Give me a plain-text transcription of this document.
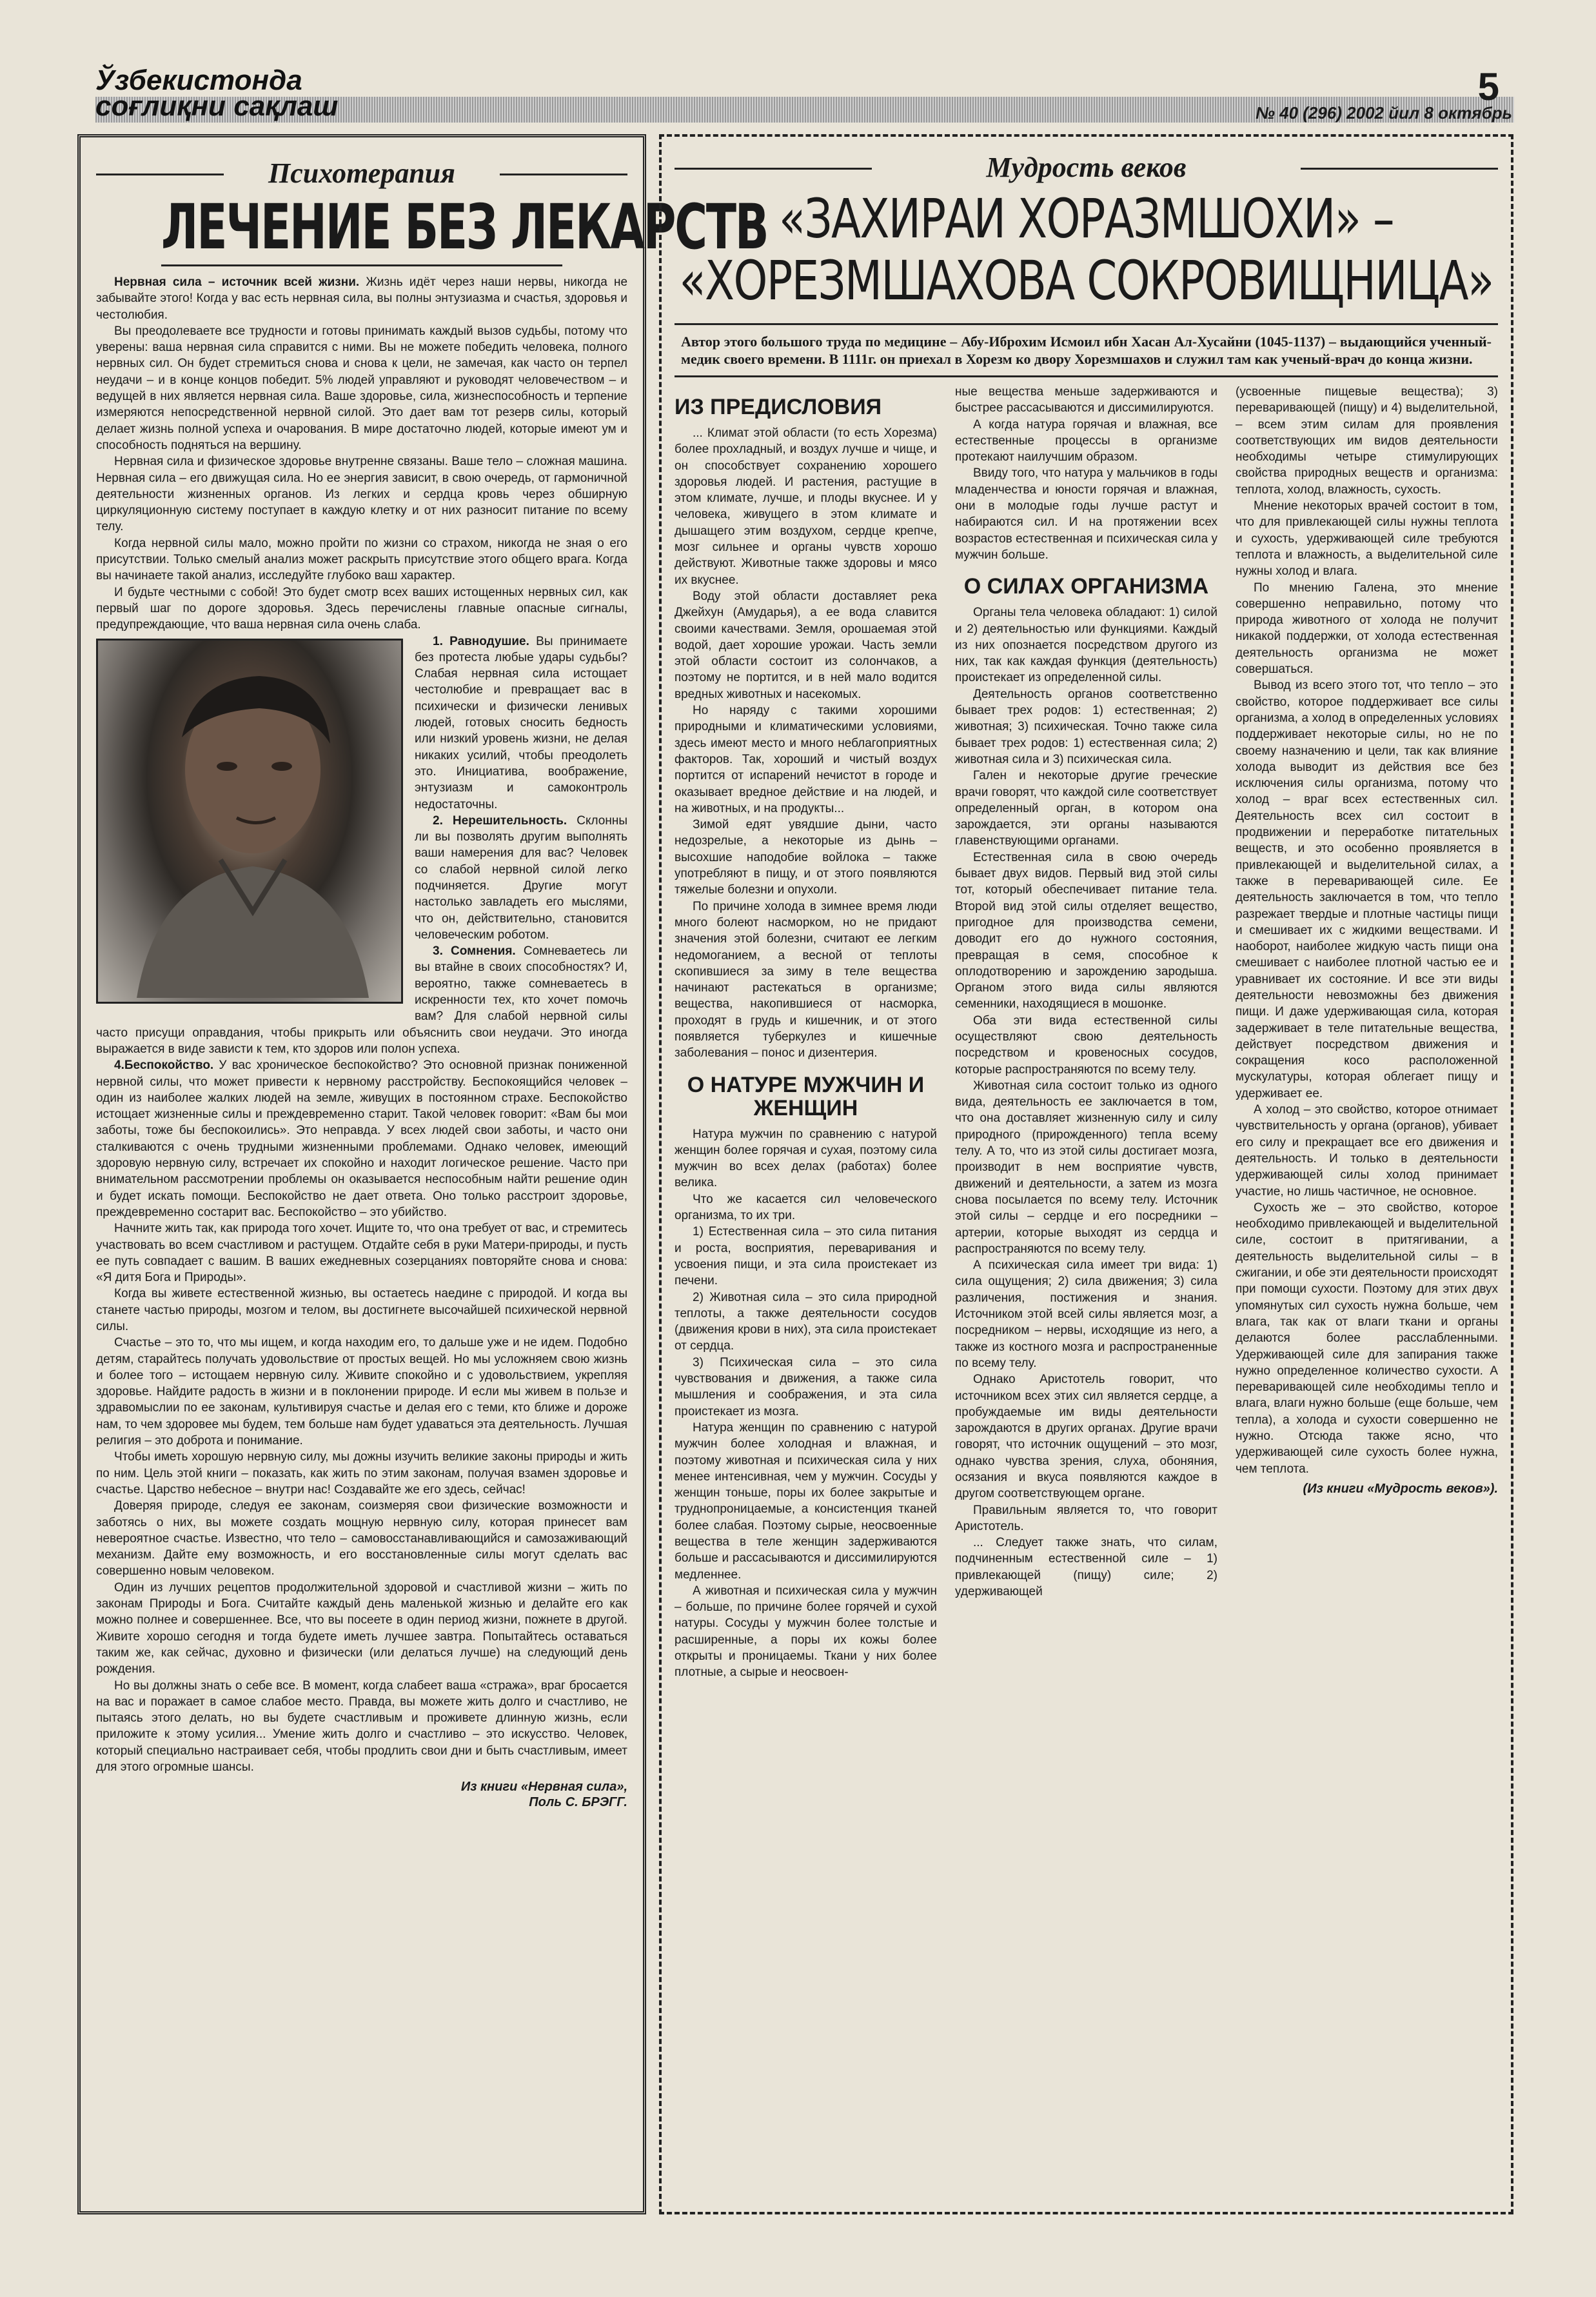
Ўзбекистонда
соғлиқни сақлаш	5
№ 40 (296) 2002 йил 8 октябрь
Психотерапия
ЛЕЧЕНИЕ БЕЗ ЛЕКАРСТВ

Нервная сила – источник всей жизни. Жизнь идёт через наши нервы, никогда не забывайте этого! Когда у вас есть нервная сила, вы полны энтузиазма и счастья, здоровья и честолюбия.

Вы преодолеваете все трудности и готовы принимать каждый вызов судьбы, потому что уверены: ваша нервная сила справится с ними. Вы не можете победить человека, полного нервных сил. Он будет стремиться снова и снова к цели, не замечая, как часто он терпел неудачи – и в конце концов победит. 5% людей управляют и руководят человечеством – и ведущей в них является нервная сила. Ваше здоровье, сила, жизнеспособность и терпение измеряются непосредственной нервной силой. Это дает вам тот резерв силы, который делает жизнь полной успеха и очарования. В мире достаточно людей, которые имеют ум и способность подняться на вершину.

Нервная сила и физическое здоровье внутренне связаны. Ваше тело – сложная машина. Нервная сила – его движущая сила. Но ее энергия зависит, в свою очередь, от гармоничной деятельности жизненных органов. Из легких и сердца кровь через обширную циркуляционную систему поступает в каждую клетку и от них разносит питание по всему телу.

Когда нервной силы мало, можно пройти по жизни со страхом, никогда не зная о его присутствии. Только смелый анализ может раскрыть присутствие этого общего врага. Когда вы начинаете такой анализ, исследуйте глубоко ваш характер.

И будьте честными с собой! Это будет смотр всех ваших истощенных нервных сил, как первый шаг по дороге здоровья. Здесь перечислены главные опасные сигналы, предупреждающие, что ваша нервная сила очень слаба.

1. Равнодушие. Вы принимаете без протеста любые удары судьбы? Слабая нервная сила истощает честолюбие и превращает вас в психически и физически ленивых людей, готовых сносить бедность или низкий уровень жизни, не делая никаких усилий, чтобы преодолеть это. Инициатива, воображение, энтузиазм и самоконтроль недостаточны.

2. Нерешительность. Склонны ли вы позволять другим выполнять ваши намерения для вас? Человек со слабой нервной силой легко подчиняется. Другие могут настолько завладеть его мыслями, что он, действительно, становится человеческим роботом.

3. Сомнения. Сомневаетесь ли вы втайне в своих способностях? И, вероятно, также сомневаетесь в искренности тех, кто хочет помочь вам? Для слабой нервной силы часто присущи оправдания, чтобы прикрыть или объяснить свои неудачи. Это иногда выражается в виде зависти к тем, кто здоров или полон успеха.

4.Беспокойство. У вас хроническое беспокойство? Это основной признак пониженной нервной силы, что может привести к нервному расстройству. Беспокоящийся человек – один из наиболее жалких людей на земле, живущих в постоянном страхе. Беспокойство истощает жизненные силы и преждевременно старит. Такой человек говорит: «Вам бы мои заботы, тоже бы беспокоились». Это неправда. У всех людей свои заботы, и часто они сталкиваются с очень трудными жизненными проблемами. Однако человек, имеющий здоровую нервную силу, встречает их спокойно и находит логическое решение. Часто при внимательном рассмотрении проблемы он оказывается неспособным найти решение один и будет искать помощи. Беспокойство не дает ответа. Оно только расстроит здоровье, преждевременно состарит вас. Беспокойство – это убийство.

Начните жить так, как природа того хочет. Ищите то, что она требует от вас, и стремитесь участвовать во всем счастливом и растущем. Отдайте себя в руки Матери-природы, и пусть ее путь совпадает с вашим. В ваших ежедневных созерцаниях повторяйте снова и снова: «Я дитя Бога и Природы».

Когда вы живете естественной жизнью, вы остаетесь наедине с природой. И когда вы станете частью природы, мозгом и телом, вы достигнете высочайшей психической нервной силы.

Счастье – это то, что мы ищем, и когда находим его, то дальше уже и не идем. Подобно детям, старайтесь получать удовольствие от простых вещей. Но мы усложняем свою жизнь и более того – истощаем нервную силу. Живите спокойно и с удовольствием, укрепляя здоровье. Найдите радость в жизни и в поклонении природе. И если мы живем в пользе и здравомыслии по ее законам, культивируя счастье и делая его с теми, кто ближе и дороже нам, то чем здоровее мы будем, тем больше нам будет удаваться эта деятельность. Лучшая религия – это доброта и понимание.

Чтобы иметь хорошую нервную силу, мы дожны изучить великие законы природы и жить по ним. Цель этой книги – показать, как жить по этим законам, получая взамен здоровье и счастье. Царство небесное – внутри нас! Создавайте же его здесь, сейчас!

Доверяя природе, следуя ее законам, соизмеряя свои физические возможности и заботясь о них, вы можете создать мощную нервную силу, которая принесет вам невероятное счастье. Известно, что тело – самовосстанавливающийся и самозаживающий механизм. Дайте ему возможность, и его восстановленные силы могут сделать вас совершенно новым человеком.

Один из лучших рецептов продолжительной здоровой и счастливой жизни – жить по законам Природы и Бога. Считайте каждый день маленькой жизнью и делайте его как можно полнее и совершеннее. Все, что вы посеете в один период жизни, пожнете в другой. Живите хорошо сегодня и тогда будете иметь лучшее завтра. Попытайтесь оставаться таким же, как сейчас, духовно и физически (или делаться лучше) на следующий день рождения.

Но вы должны знать о себе все. В момент, когда слабеет ваша «стража», враг бросается на вас и поражает в самое слабое место. Правда, вы можете жить долго и счастливо, не пытаясь этого делать, но вы будете счастливым и проживете длинную жизнь, если приложите к этому усилия... Умение жить долго и счастливо – это искусство. Человек, который специально настраивает себя, чтобы продлить свои дни и быть счастливым, имеет для этого огромные шансы.

Из книги «Нервная сила»,
Поль С. БРЭГГ.
Мудрость веков
«ЗАХИРАИ ХОРАЗМШОХИ» –
«ХОРЕЗМШАХОВА СОКРОВИЩНИЦА»
Автор этого большого труда по медицине – Абу-Иброхим Исмоил ибн Хасан Ал-Хусайни (1045-1137) – выдающийся ученный-медик своего времени. В 1111г. он приехал в Хорезм ко двору Хорезмшахов и служил там как ученый-врач до конца жизни.
ИЗ ПРЕДИСЛОВИЯ

... Климат этой области (то есть Хорезма) более прохладный, и воздух лучше и чище, и он способствует сохранению хорошего здоровья людей. И растения, растущие в этом климате, лучше, и плоды вкуснее. И у человека, живущего в этом климате и дышащего этим воздухом, сердце крепче, мозг сильнее и органы чувств хорошо действуют. Животные также здоровы и мясо их вкуснее.

Воду этой области доставляет река Джейхун (Амударья), а ее вода славится своими качествами. Земля, орошаемая этой водой, дает хорошие урожаи. Часть земли этой области состоит из солончаков, а поэтому не портится, и в ней мало водится вредных животных и насекомых.

Но наряду с такими хорошими природными и климатическими условиями, здесь имеют место и много неблагоприятных факторов. Так, хороший и чистый воздух портится от испарений нечистот в городе и оказывает вредное действие и на людей, и на животных, и на продукты...

Зимой едят увядшие дыни, часто недозрелые, а некоторые из дынь – высохшие наподобие войлока – также употребляют в пищу, и от этого появляются тяжелые болезни и опухоли.

По причине холода в зимнее время люди много болеют насморком, но не придают значения этой болезни, считают ее легким недомоганием, а весной от теплоты скопившиеся за зиму в теле вещества начинают растекаться в организме; вещества, накопившиеся от насморка, проходят в грудь и кишечник, и от этого появляется туберкулез и кишечные заболевания – понос и дизентерия.

О НАТУРЕ МУЖЧИН И ЖЕНЩИН

Натура мужчин по сравнению с натурой женщин более горячая и сухая, поэтому сила мужчин во всех делах (работах) более велика.

Что же касается сил человеческого организма, то их три.

1) Естественная сила – это сила питания и роста, восприятия, переваривания и усвоения пищи, и эта сила проистекает из печени.

2) Животная сила – это сила природной теплоты, а также деятельности сосудов (движения крови в них), эта сила проистекает от сердца.

3) Психическая сила – это сила чувствования и движения, а также сила мышления и соображения, и эта сила проистекает из мозга.

Натура женщин по сравнению с натурой мужчин более холодная и влажная, и поэтому животная и психическая сила у них менее интенсивная, чем у мужчин. Сосуды у женщин тоньше, поры их более закрытые и труднопроницаемые, а консистенция тканей более слабая. Поэтому сырые, неосвоенные вещества в теле женщин задерживаются больше и рассасываются и диссимилируются медленнее.

А животная и психическая сила у мужчин – больше, по причине более горячей и сухой натуры. Сосуды у мужчин более толстые и расширенные, а поры их кожы более открыты и проницаемы. Ткани у них более плотные, а сырые и неосвоен-

ные вещества меньше задерживаются и быстрее рассасываются и диссимилируются.

А когда натура горячая и влажная, все естественные процессы в организме протекают наилучшим образом.

Ввиду того, что натура у мальчиков в годы младенчества и юности горячая и влажная, они в молодые годы лучше растут и набираются сил. И на протяжении всех возрастов естественная и психическая сила у мужчин больше.

О СИЛАХ ОРГАНИЗМА

Органы тела человека обладают: 1) силой и 2) деятельностью или функциями. Каждый из них опознается посредством другого из них, так как каждая функция (деятельность) проистекает из определенной силы.

Деятельность органов соответственно бывает трех родов: 1) естественная; 2) животная; 3) психическая. Точно также сила бывает трех родов: 1) естественная сила; 2) животная сила и 3) психическая сила.

Гален и некоторые другие греческие врачи говорят, что каждой силе соответствует определенный орган, в котором она зарождается, эти органы называются главенствующими органами.

Естественная сила в свою очередь бывает двух видов. Первый вид этой силы тот, который обеспечивает питание тела. Второй вид этой силы отделяет вещество, пригодное для производства семени, доводит его до нужного состояния, превращая в семя, способное к оплодотворению и зарождению зародыша. Органом этого вида силы являются семенники, находящиеся в мошонке.

Оба эти вида естественной силы осуществляют свою деятельность посредством и кровеносных сосудов, которые распространяются по всему телу.

Животная сила состоит только из одного вида, деятельность ее заключается в том, что она доставляет жизненную силу и силу природного (прирожденного) тепла всему телу. А то, что из этой силы достигает мозга, производит в нем восприятие чувств, движений и деятельности, а затем из мозга снова посылается по всему телу. Источник этой силы – сердце и его посредники – артерии, которые выходят из сердца и распространяются по всему телу.

А психическая сила имеет три вида: 1) сила ощущения; 2) сила движения; 3) сила различения, постижения и знания. Источником этой всей силы является мозг, а посредником – нервы, исходящие из него, а также из костного мозга и распространенные по всему телу.

Однако Аристотель говорит, что источником всех этих сил является сердце, а пробуждаемые им виды деятельности зарождаются в других органах. Другие врачи говорят, что источник ощущений – это мозг, однако чувства зрения, слуха, обоняния, осязания и вкуса появляются каждое в другом соответствующем органе.

Правильным является то, что говорит Аристотель.

... Следует также знать, что силам, подчиненным естественной силе – 1) привлекающей (пищу) силе; 2) удерживающей

(усвоенные пищевые вещества); 3) переваривающей (пищу) и 4) выделительной, – всем этим силам для проявления соответствующих им видов деятельности необходимы четыре стимулирующих свойства природных веществ и организма: теплота, холод, влажность, сухость.

Мнение некоторых врачей состоит в том, что для привлекающей силы нужны теплота и сухость, удерживающей силе требуются теплота и влажность, а выделительной силе нужны холод и влага.

По мнению Галена, это мнение совершенно неправильно, потому что природа животного от холода не получит никакой поддержки, от холода естественная деятельность организма не может совершаться.

Вывод из всего этого тот, что тепло – это свойство, которое поддерживает все силы организма, а холод в определенных условиях поддерживает некоторые силы, но не по своему назначению и цели, так как влияние холода выводит из действия все без исключения силы организма, потому что холод – враг всех естественных сил. Деятельность всех сил состоит в продвижении и переработке питательных веществ, и это особенно проявляется в привлекающей и выделительной силах, а также в переваривающей силе. Ее деятельность заключается в том, что тепло разрежает твердые и плотные частицы пищи и смешивает их с жидкими веществами. И наоборот, наиболее жидкую часть пищи она смешивает с наиболее плотной частью ее и уравнивает их состояние. И все эти виды деятельности невозможны без движения пищи. И даже удерживающая сила, которая задерживает в теле питательные вещества, действует посредством движения и сокращения косо расположенной мускулатуры, которая облегает пищу и удерживает ее.

А холод – это свойство, которое отнимает чувствительность у органа (органов), убивает его силу и прекращает все его движения и деятельность. И только в деятельности удерживающей силы холод принимает участие, но лишь частичное, не основное.

Сухость же – это свойство, которое необходимо привлекающей и выделительной силе, состоит в притягивании, а деятельность выделительной силы – в сжигании, и обе эти деятельности происходят при помощи сухости. Поэтому для этих двух упомянутых сил сухость нужна больше, чем влага, так как от влаги ткани и органы делаются более расслабленными. Удерживающей силе для запирания также нужно определенное количество сухости. А переваривающей силе необходимы тепло и влага, влаги нужно больше (еще больше, чем тепла), а холода и сухости совершенно не нужно. Отсюда также ясно, что удерживающей силе сухость более нужна, чем теплота.

(Из книги «Мудрость веков»).
